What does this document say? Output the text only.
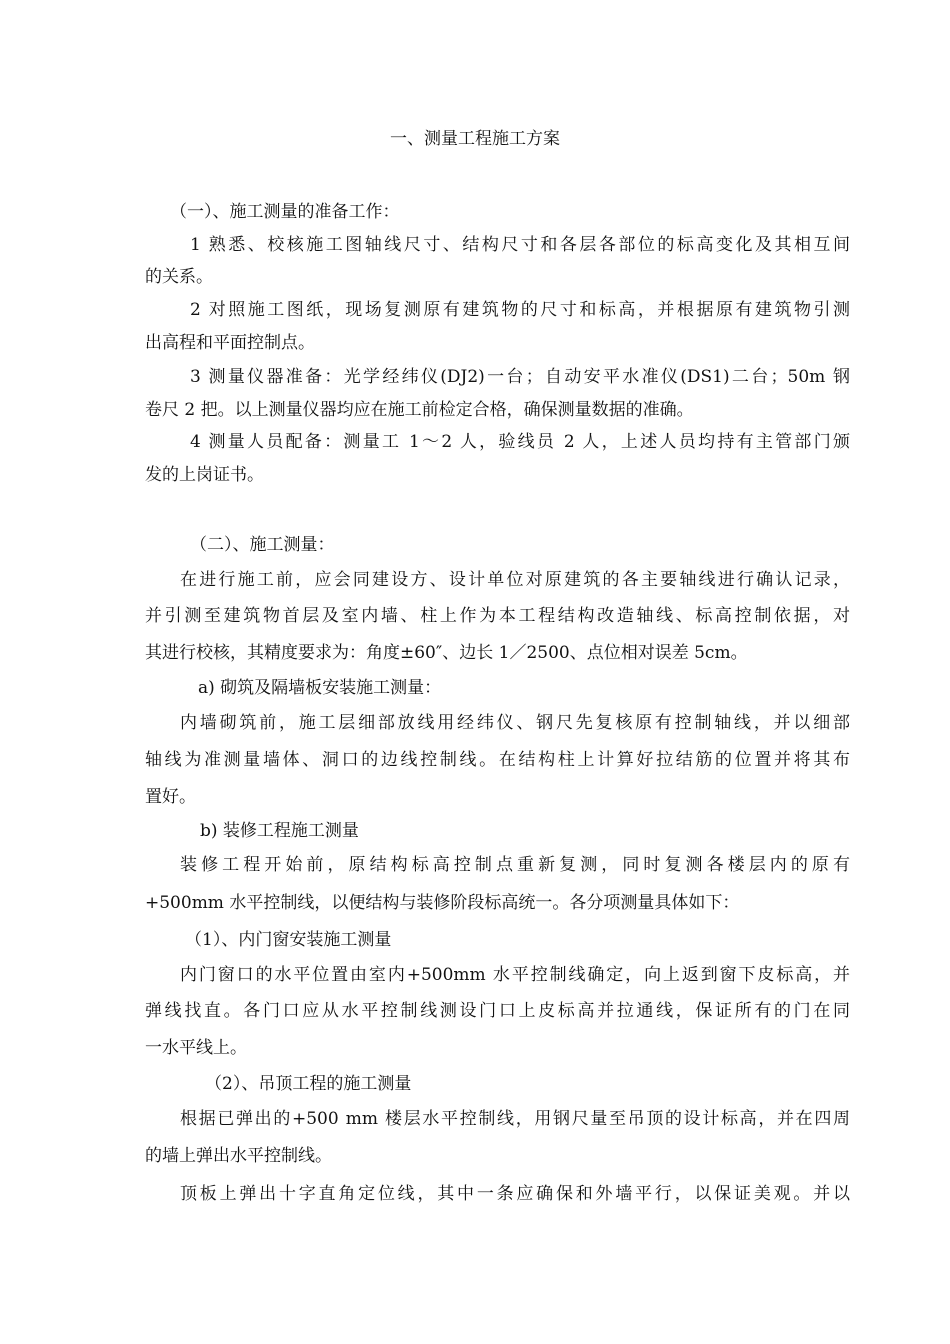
一、测量工程施工方案
（一）、施工测量的准备工作：
1 熟悉、校核施工图轴线尺寸、结构尺寸和各层各部位的标高变化及其相互间
的关系。
2 对照施工图纸，现场复测原有建筑物的尺寸和标高，并根据原有建筑物引测
出高程和平面控制点。
3 测量仪器准备：光学经纬仪(DJ2)一台；自动安平水准仪(DS1)二台；50m 钢
卷尺 2 把。以上测量仪器均应在施工前检定合格，确保测量数据的准确。
4 测量人员配备：测量工 1～2 人，验线员 2 人，上述人员均持有主管部门颁
发的上岗证书。
（二）、施工测量：
在进行施工前，应会同建设方、设计单位对原建筑的各主要轴线进行确认记录，
并引测至建筑物首层及室内墙、柱上作为本工程结构改造轴线、标高控制依据，对
其进行校核，其精度要求为：角度±60″、边长 1／2500、点位相对误差 5cm。
a) 砌筑及隔墙板安装施工测量：
内墙砌筑前，施工层细部放线用经纬仪、钢尺先复核原有控制轴线，并以细部
轴线为准测量墙体、洞口的边线控制线。在结构柱上计算好拉结筋的位置并将其布
置好。
b) 装修工程施工测量
装修工程开始前，原结构标高控制点重新复测，同时复测各楼层内的原有
+500mm 水平控制线，以便结构与装修阶段标高统一。各分项测量具体如下：
（1）、内门窗安装施工测量
内门窗口的水平位置由室内+500mm 水平控制线确定，向上返到窗下皮标高，并
弹线找直。各门口应从水平控制线测设门口上皮标高并拉通线，保证所有的门在同
一水平线上。
（2）、吊顶工程的施工测量
根据已弹出的+500 mm 楼层水平控制线，用钢尺量至吊顶的设计标高，并在四周
的墙上弹出水平控制线。
顶板上弹出十字直角定位线，其中一条应确保和外墙平行，以保证美观。并以
